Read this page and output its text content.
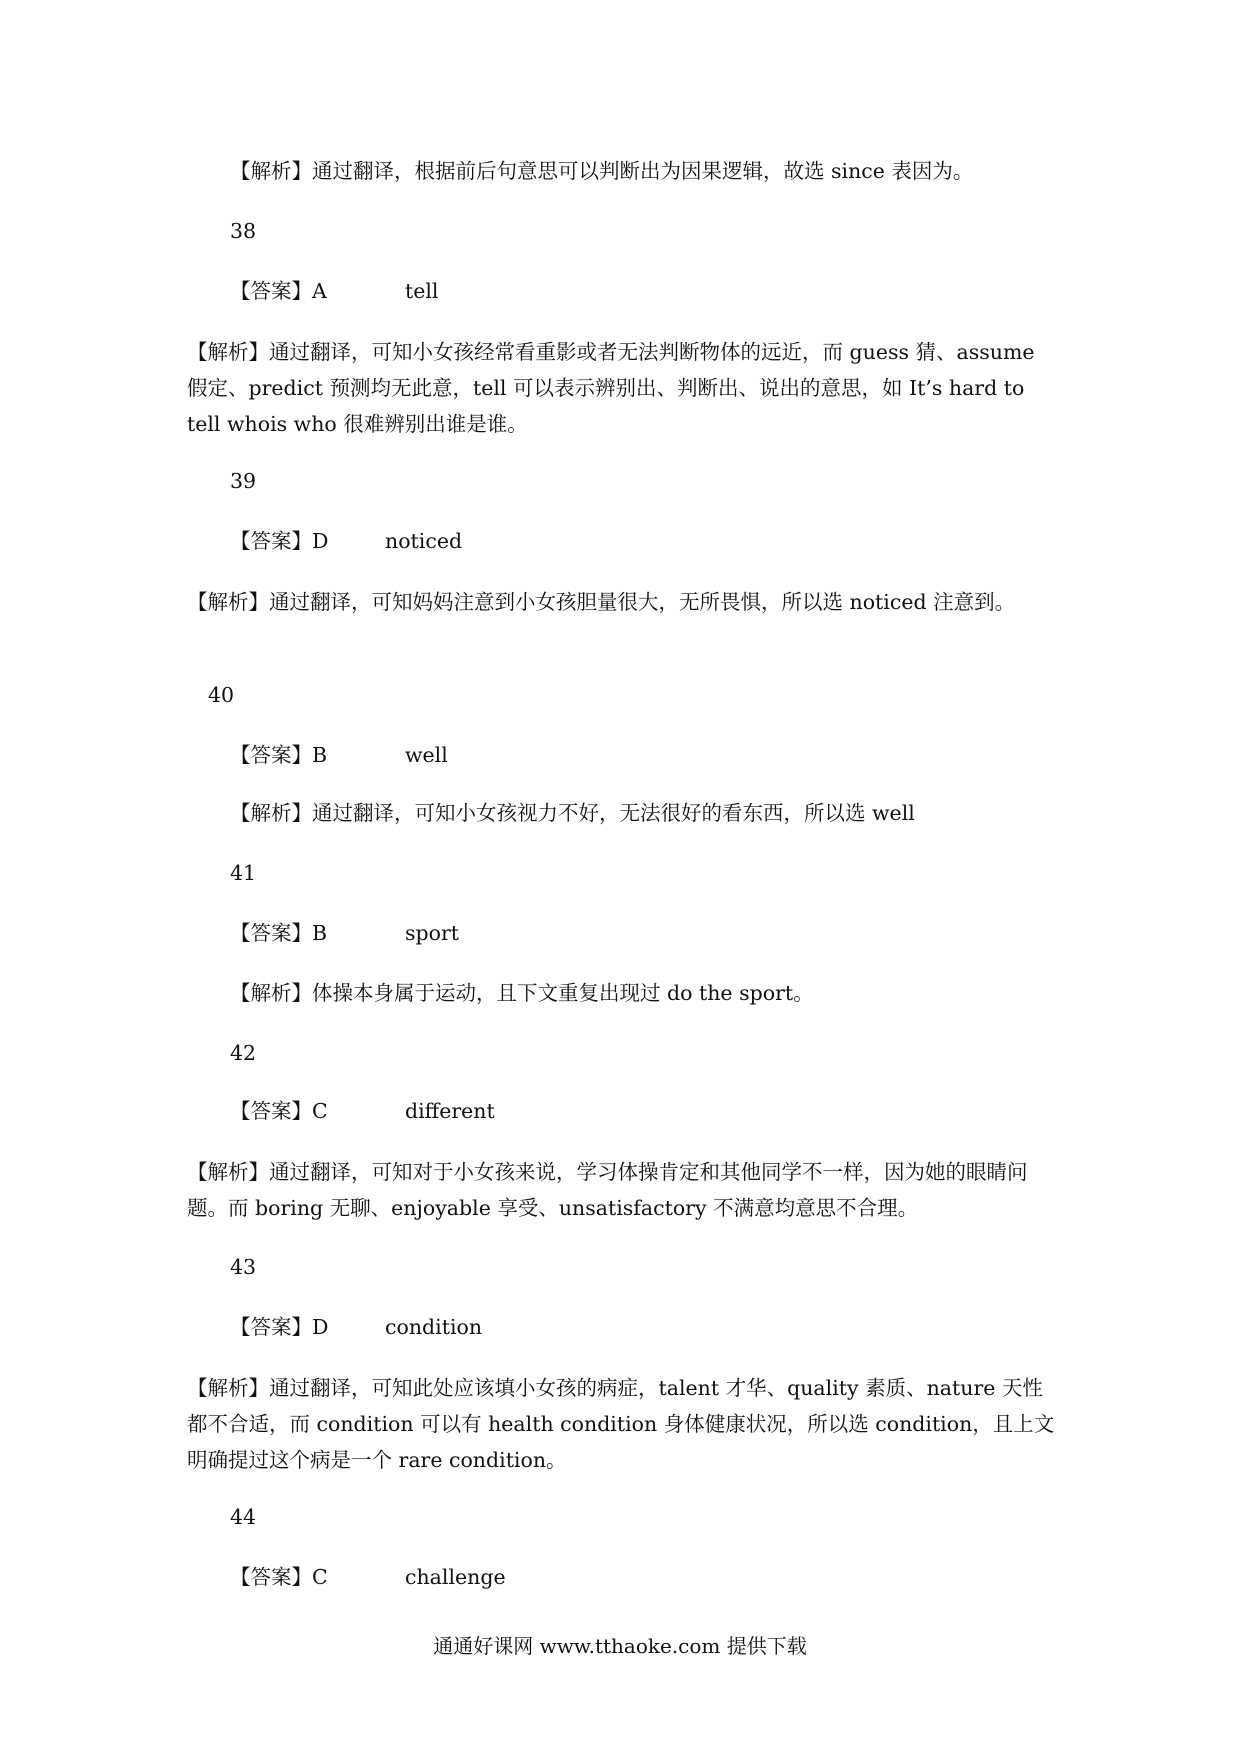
【解析】通过翻译，根据前后句意思可以判断出为因果逻辑，故选 since 表因为。
38
【答案】A	tell
【解析】通过翻译，可知小女孩经常看重影或者无法判断物体的远近，而 guess 猜、assume 假定、predict 预测均无此意，tell 可以表示辨别出、判断出、说出的意思，如 It’s hard to tell whois who 很难辨别出谁是谁。
39
【答案】D	noticed
【解析】通过翻译，可知妈妈注意到小女孩胆量很大，无所畏惧，所以选 noticed 注意到。
40
【答案】B	well
【解析】通过翻译，可知小女孩视力不好，无法很好的看东西，所以选 well
41
【答案】B	sport
【解析】体操本身属于运动，且下文重复出现过 do the sport。
42
【答案】C	different
【解析】通过翻译，可知对于小女孩来说，学习体操肯定和其他同学不一样，因为她的眼睛问题。而 boring 无聊、enjoyable 享受、unsatisfactory 不满意均意思不合理。
43
【答案】D	condition
【解析】通过翻译，可知此处应该填小女孩的病症，talent 才华、quality 素质、nature 天性都不合适，而 condition 可以有 health condition 身体健康状况，所以选 condition，且上文明确提过这个病是一个 rare condition。
44
【答案】C	challenge
通通好课网 www.tthaoke.com 提供下载
